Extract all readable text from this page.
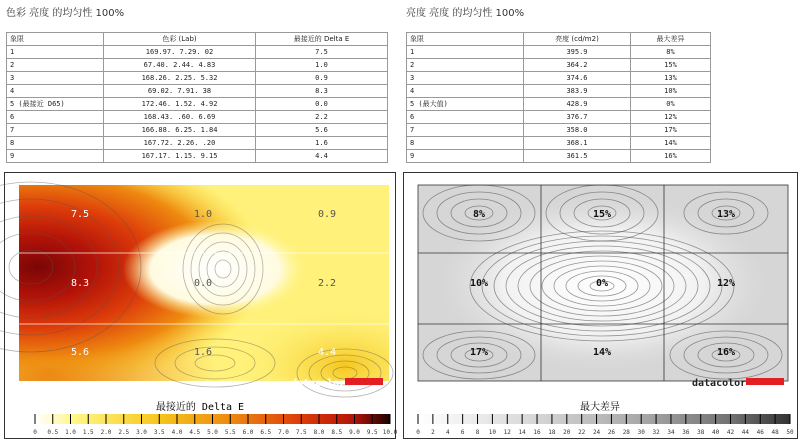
色彩 亮度 的均匀性 100%
象限	色彩 (Lab)	最接近的 Delta E
1	169.97. 7.29. 02	7.5
2	67.40. 2.44. 4.83	1.0
3	168.26. 2.25. 5.32	0.9
4	69.02. 7.91. 38	8.3
5 (最接近 D65)	172.46. 1.52. 4.92	0.0
6	168.43. .60. 6.69	2.2
7	166.88. 6.25. 1.84	5.6
8	167.72. 2.26. .20	1.6
9	167.17. 1.15. 9.15	4.4
亮度 亮度 的均匀性 100%
象限	亮度 (cd/m2)	最大差异
1	395.9	8%
2	364.2	15%
3	374.6	13%
4	383.9	10%
5 (最大值)	428.9	0%
6	376.7	12%
7	358.0	17%
8	368.1	14%
9	361.5	16%
7.5	1.0	0.9
8.3	0.0	2.2
5.6	1.6	4.4
datacolor
最接近的 Delta E
0 0.5 1.0 1.5 2.0 2.5 3.0 3.5 4.0 4.5 5.0 5.5 6.0 6.5 7.0 7.5 8.0 8.5 9.0 9.5 10.0
8%	15%	13%
10%	0%	12%
17%	14%	16%
datacolor
最大差异
0 2 4 6 8 10 12 14 16 18 20 22 24 26 28 30 32 34 36 38 40 42 44 46 48 50
